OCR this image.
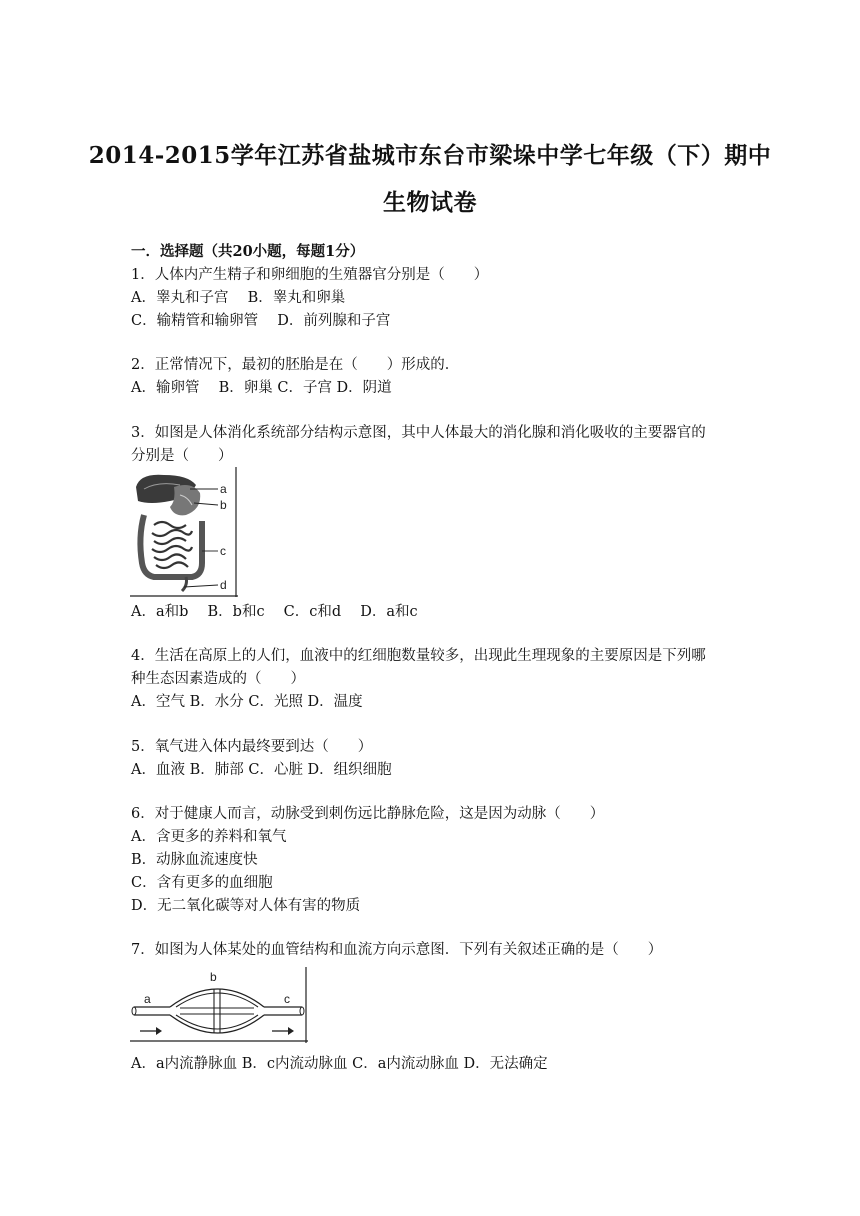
2014-2015学年江苏省盐城市东台市梁垛中学七年级（下）期中
生物试卷
一．选择题（共20小题，每题1分）
1．人体内产生精子和卵细胞的生殖器官分别是（　　）
A．睾丸和子宫　 B．睾丸和卵巢
C．输精管和输卵管　 D．前列腺和子宫
2．正常情况下，最初的胚胎是在（　　）形成的．
A．输卵管　 B．卵巢 C．子宫 D．阴道
3．如图是人体消化系统部分结构示意图，其中人体最大的消化腺和消化吸收的主要器官的
分别是（　　）
a
b
c
d
A．a和b　 B．b和c　 C．c和d　 D．a和c
4．生活在高原上的人们，血液中的红细胞数量较多，出现此生理现象的主要原因是下列哪
种生态因素造成的（　　）
A．空气 B．水分 C．光照 D．温度
5．氧气进入体内最终要到达（　　）
A．血液 B．肺部 C．心脏 D．组织细胞
6．对于健康人而言，动脉受到刺伤远比静脉危险，这是因为动脉（　　）
A．含更多的养料和氧气
B．动脉血流速度快
C．含有更多的血细胞
D．无二氧化碳等对人体有害的物质
7．如图为人体某处的血管结构和血流方向示意图．下列有关叙述正确的是（　　）
a
b
c
A．a内流静脉血 B．c内流动脉血 C．a内流动脉血 D．无法确定
